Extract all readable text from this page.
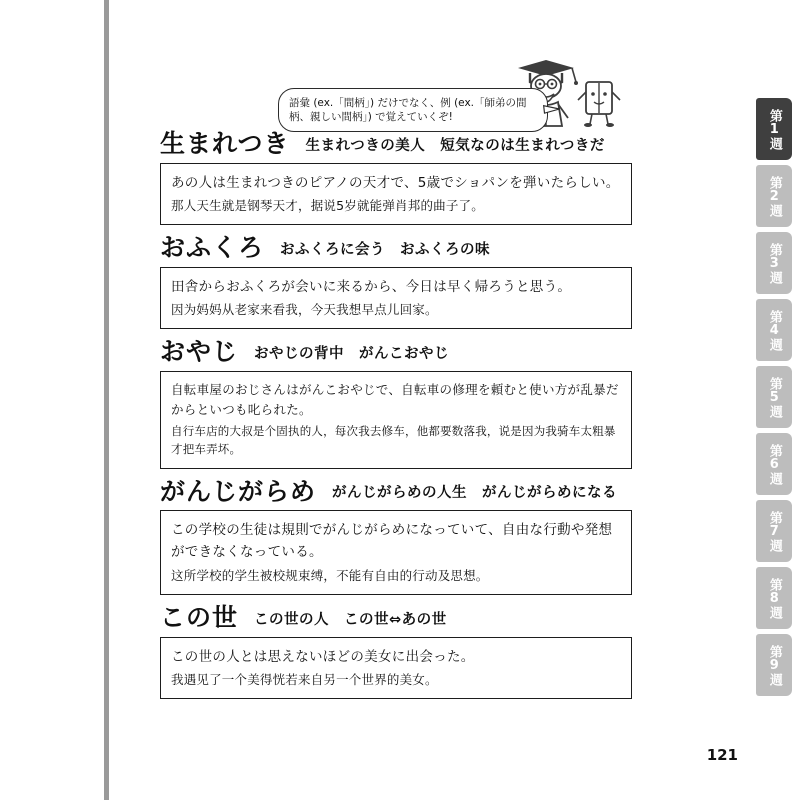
語彙 (ex.「間柄」) だけでなく、例 (ex.「師弟の間柄、親しい間柄」) で覚えていくぞ!	第1週
第2週
第3週
第4週
第5週
第6週
第7週
第8週
第9週
生まれつき 生まれつきの美人　短気なのは生まれつきだ
あの人は生まれつきのピアノの天才で、5歳でショパンを弾いたらしい。
那人天生就是钢琴天才，据说5岁就能弹肖邦的曲子了。
おふくろ おふくろに会う　おふくろの味
田舎からおふくろが会いに来るから、今日は早く帰ろうと思う。
因为妈妈从老家来看我，今天我想早点儿回家。
おやじ おやじの背中　がんこおやじ
自転車屋のおじさんはがんこおやじで、自転車の修理を頼むと使い方が乱暴だからといつも叱られた。
自行车店的大叔是个固执的人，每次我去修车，他都要数落我，说是因为我骑车太粗暴才把车弄坏。
がんじがらめ がんじがらめの人生　がんじがらめになる
この学校の生徒は規則でがんじがらめになっていて、自由な行動や発想ができなくなっている。
这所学校的学生被校规束缚，不能有自由的行动及思想。
この世 この世の人　この世⇔あの世
この世の人とは思えないほどの美女に出会った。
我遇见了一个美得恍若来自另一个世界的美女。
121
